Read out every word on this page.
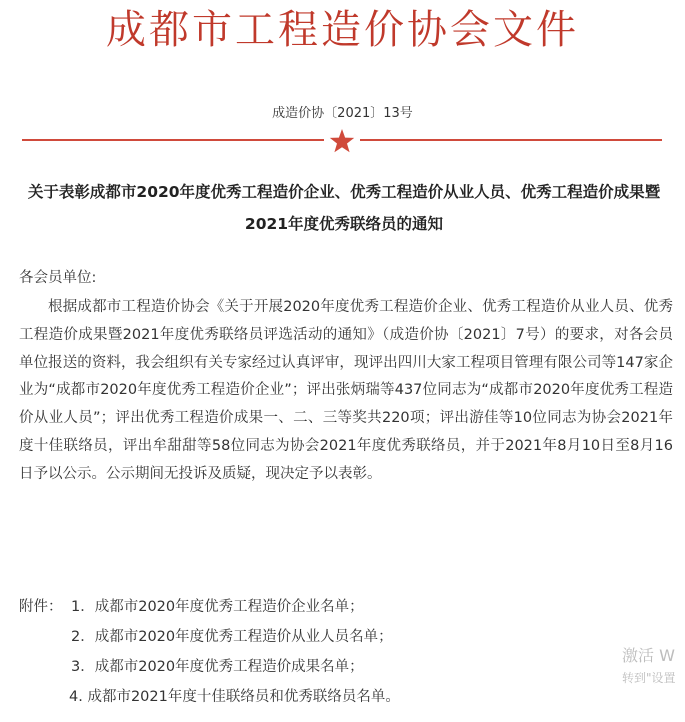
成都市工程造价协会文件
成造价协〔2021〕13号
关于表彰成都市2020年度优秀工程造价企业、优秀工程造价从业人员、优秀工程造价成果暨2021年度优秀联络员的通知
各会员单位:
根据成都市工程造价协会《关于开展2020年度优秀工程造价企业、优秀工程造价从业人员、优秀工程造价成果暨2021年度优秀联络员评选活动的通知》（成造价协〔2021〕7号）的要求，对各会员单位报送的资料，我会组织有关专家经过认真评审，现评出四川大家工程项目管理有限公司等147家企业为“成都市2020年度优秀工程造价企业”；评出张炳瑞等437位同志为“成都市2020年度优秀工程造价从业人员”；评出优秀工程造价成果一、二、三等奖共220项；评出游佳等10位同志为协会2021年度十佳联络员，评出牟甜甜等58位同志为协会2021年度优秀联络员，并于2021年8月10日至8月16日予以公示。公示期间无投诉及质疑，现决定予以表彰。
附件： 1．成都市2020年度优秀工程造价企业名单；
2．成都市2020年度优秀工程造价从业人员名单；
3．成都市2020年度优秀工程造价成果名单；
4. 成都市2021年度十佳联络员和优秀联络员名单。
激活 W
转到"设置
